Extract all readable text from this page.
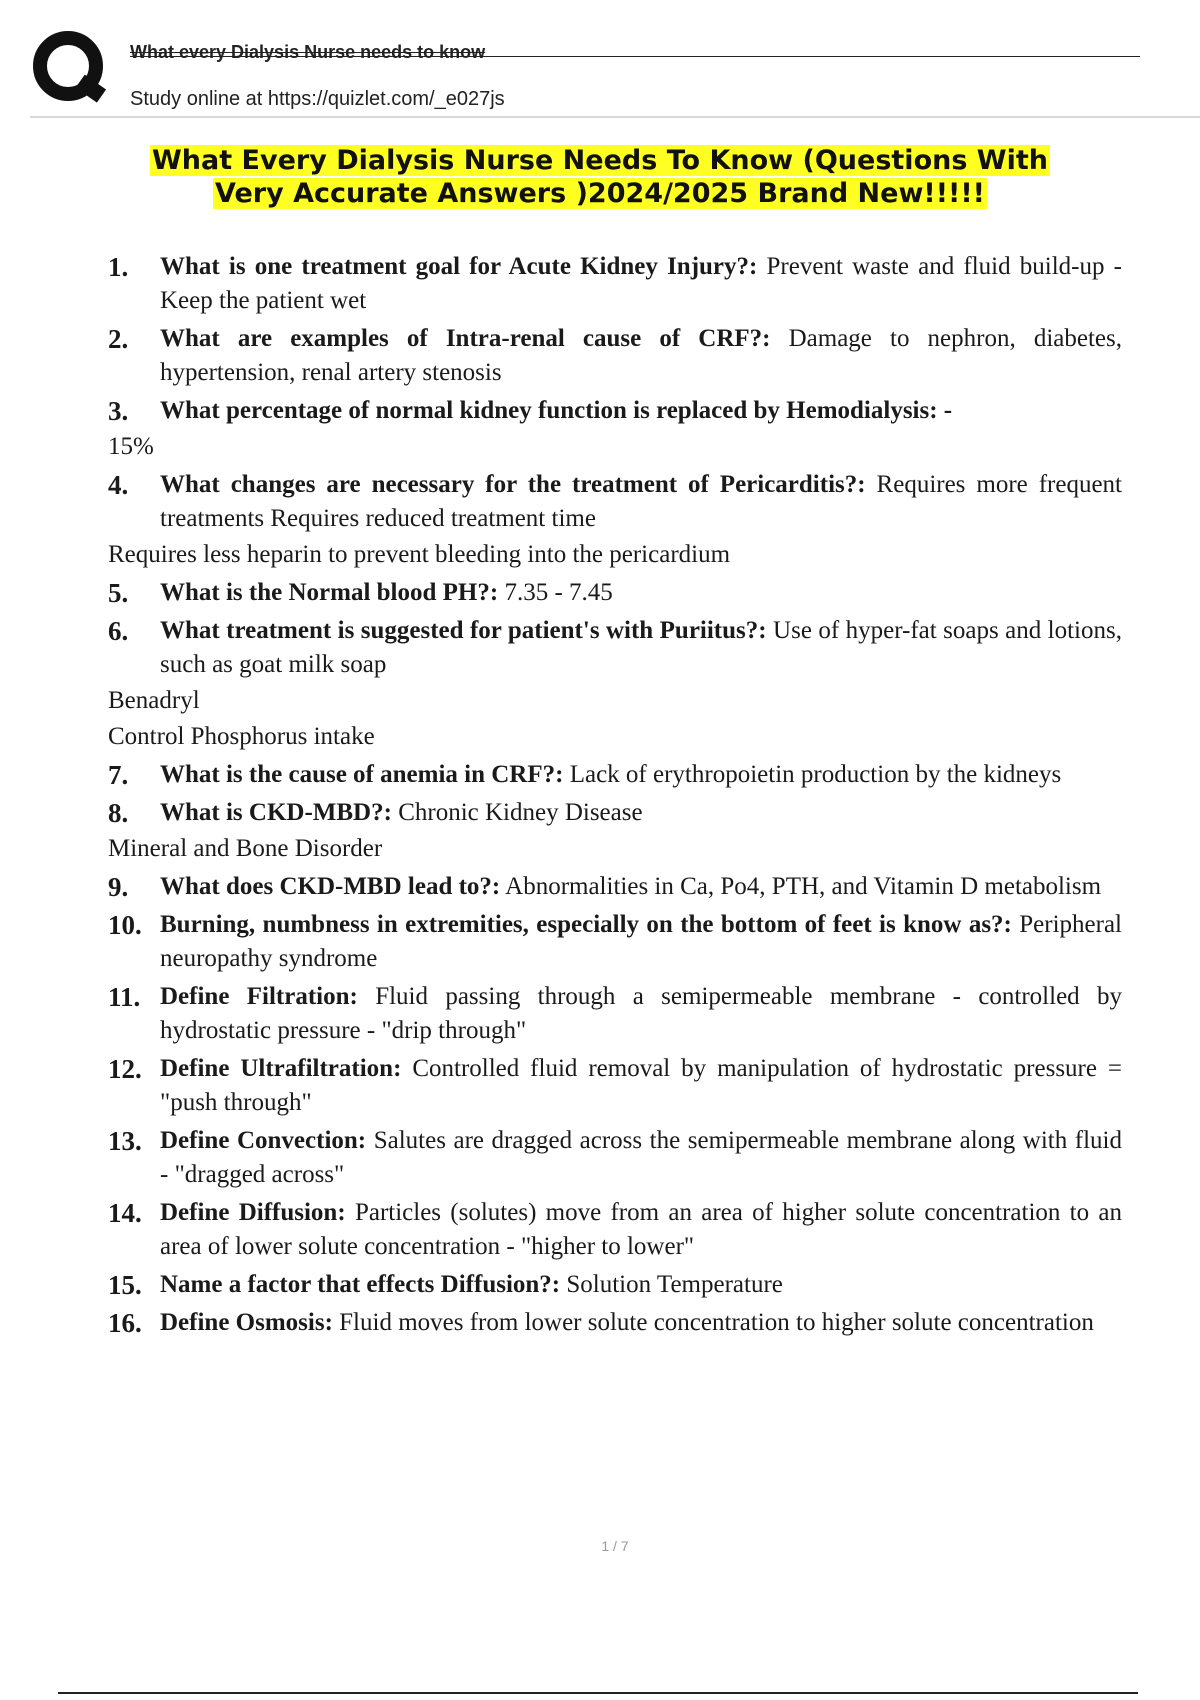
What every Dialysis Nurse needs to know
Study online at https://quizlet.com/_e027js
What Every Dialysis Nurse Needs To Know (Questions With
Very Accurate Answers )2024/2025 Brand New!!!!!
1. What is one treatment goal for Acute Kidney Injury?: Prevent waste and fluid build-up - Keep the patient wet
2. What are examples of Intra-renal cause of CRF?: Damage to nephron, diabetes, hypertension, renal artery stenosis
3. What percentage of normal kidney function is replaced by Hemodialysis: -
15%
4. What changes are necessary for the treatment of Pericarditis?: Requires more frequent treatments Requires reduced treatment time
Requires less heparin to prevent bleeding into the pericardium
5. What is the Normal blood PH?: 7.35 - 7.45
6. What treatment is suggested for patient's with Puriitus?: Use of hyper-fat soaps and lotions, such as goat milk soap
Benadryl
Control Phosphorus intake
7. What is the cause of anemia in CRF?: Lack of erythropoietin production by the kidneys
8. What is CKD-MBD?: Chronic Kidney Disease
Mineral and Bone Disorder
9. What does CKD-MBD lead to?: Abnormalities in Ca, Po4, PTH, and Vitamin D metabolism
10. Burning, numbness in extremities, especially on the bottom of feet is know as?: Peripheral neuropathy syndrome
11. Define Filtration: Fluid passing through a semipermeable membrane - controlled by hydrostatic pressure - "drip through"
12. Define Ultrafiltration: Controlled fluid removal by manipulation of hydrostatic pressure = "push through"
13. Define Convection: Salutes are dragged across the semipermeable membrane along with fluid - "dragged across"
14. Define Diffusion: Particles (solutes) move from an area of higher solute concentration to an area of lower solute concentration - "higher to lower"
15. Name a factor that effects Diffusion?: Solution Temperature
16. Define Osmosis: Fluid moves from lower solute concentration to higher solute concentration
1 / 7
